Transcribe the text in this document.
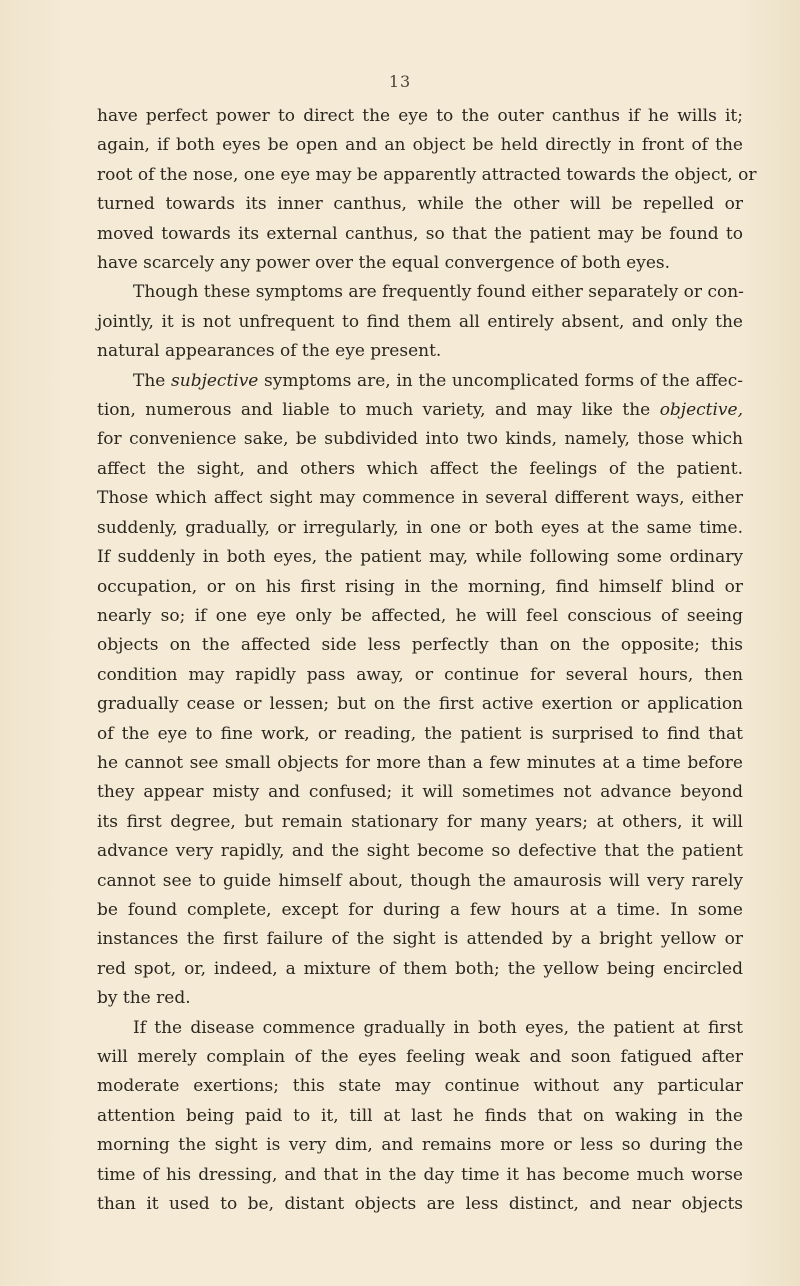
13
have perfect power to direct the eye to the outer canthus if he wills it;
again, if both eyes be open and an object be held directly in front of the
root of the nose, one eye may be apparently attracted towards the object, or
turned towards its inner canthus, while the other will be repelled or
moved towards its external canthus, so that the patient may be found to
have scarcely any power over the equal convergence of both eyes.
Though these symptoms are frequently found either separately or con-
jointly, it is not unfrequent to find them all entirely absent, and only the
natural appearances of the eye present.
The subjective symptoms are, in the uncomplicated forms of the affec-
tion, numerous and liable to much variety, and may like the objective,
for convenience sake, be subdivided into two kinds, namely, those which
affect the sight, and others which affect the feelings of the patient.
Those which affect sight may commence in several different ways, either
suddenly, gradually, or irregularly, in one or both eyes at the same time.
If suddenly in both eyes, the patient may, while following some ordinary
occupation, or on his first rising in the morning, find himself blind or
nearly so; if one eye only be affected, he will feel conscious of seeing
objects on the affected side less perfectly than on the opposite; this
condition may rapidly pass away, or continue for several hours, then
gradually cease or lessen; but on the first active exertion or application
of the eye to fine work, or reading, the patient is surprised to find that
he cannot see small objects for more than a few minutes at a time before
they appear misty and confused; it will sometimes not advance beyond
its first degree, but remain stationary for many years; at others, it will
advance very rapidly, and the sight become so defective that the patient
cannot see to guide himself about, though the amaurosis will very rarely
be found complete, except for during a few hours at a time. In some
instances the first failure of the sight is attended by a bright yellow or
red spot, or, indeed, a mixture of them both; the yellow being encircled
by the red.
If the disease commence gradually in both eyes, the patient at first
will merely complain of the eyes feeling weak and soon fatigued after
moderate exertions; this state may continue without any particular
attention being paid to it, till at last he finds that on waking in the
morning the sight is very dim, and remains more or less so during the
time of his dressing, and that in the day time it has become much worse
than it used to be, distant objects are less distinct, and near objects
